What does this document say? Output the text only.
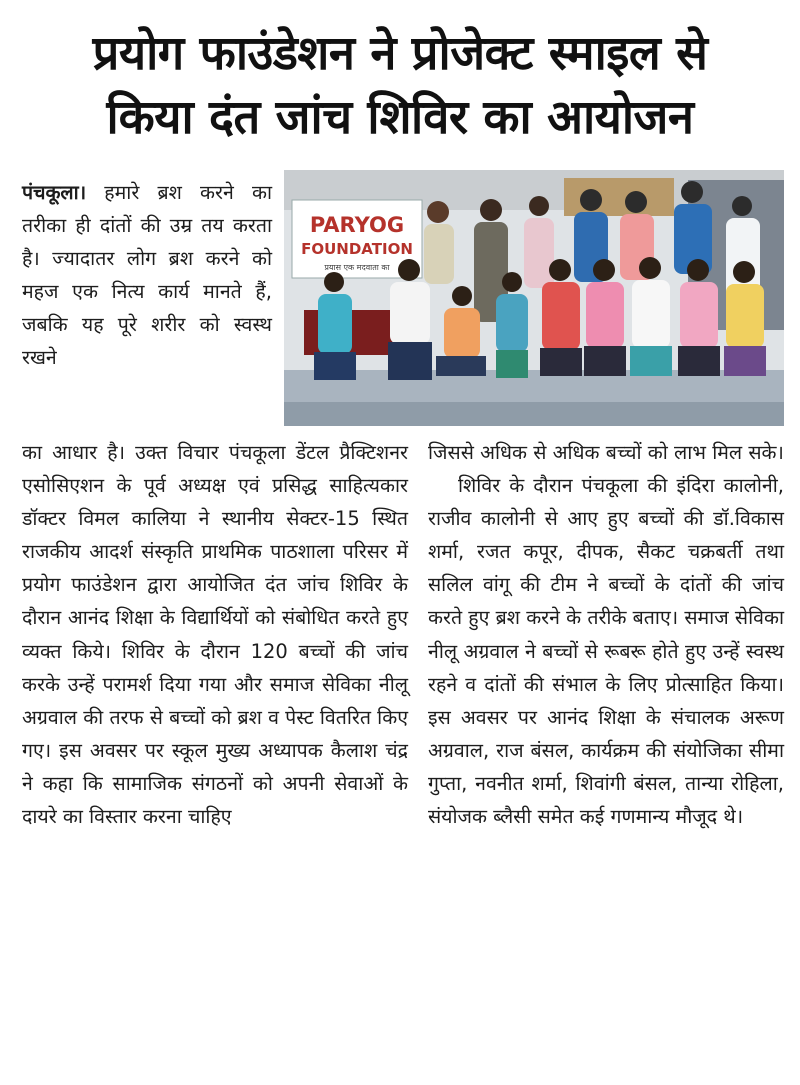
प्रयोग फाउंडेशन ने प्रोजेक्ट स्माइल से
किया दंत जांच शिविर का आयोजन

पंचकूला। हमारे ब्रश करने का तरीका ही दांतों की उम्र तय करता है। ज्यादातर लोग ब्रश करने को महज एक नित्य कार्य मानते हैं, जबकि यह पूरे शरीर को स्वस्थ रखने

PARYOG
FOUNDATION
प्रयास एक मदवाता का

का आधार है। उक्त विचार पंचकूला डेंटल प्रैक्टिशनर एसोसिएशन के पूर्व अध्यक्ष एवं प्रसिद्ध साहित्यकार डॉक्टर विमल कालिया ने स्थानीय सेक्टर-15 स्थित राजकीय आदर्श संस्कृति प्राथमिक पाठशाला परिसर में प्रयोग फाउंडेशन द्वारा आयोजित दंत जांच शिविर के दौरान आनंद शिक्षा के विद्यार्थियों को संबोधित करते हुए व्यक्त किये। शिविर के दौरान 120 बच्चों की जांच करके उन्हें परामर्श दिया गया और समाज सेविका नीलू अग्रवाल की तरफ से बच्चों को ब्रश व पेस्ट वितरित किए गए। इस अवसर पर स्कूल मुख्य अध्यापक कैलाश चंद्र ने कहा कि सामाजिक संगठनों को अपनी सेवाओं के दायरे का विस्तार करना चाहिए

जिससे अधिक से अधिक बच्चों को लाभ मिल सके।

शिविर के दौरान पंचकूला की इंदिरा कालोनी, राजीव कालोनी से आए हुए बच्चों की डॉ.विकास शर्मा, रजत कपूर, दीपक, सैकट चक्रबर्ती तथा सलिल वांगू की टीम ने बच्चों के दांतों की जांच करते हुए ब्रश करने के तरीके बताए। समाज सेविका नीलू अग्रवाल ने बच्चों से रूबरू होते हुए उन्हें स्वस्थ रहने व दांतों की संभाल के लिए प्रोत्साहित किया। इस अवसर पर आनंद शिक्षा के संचालक अरूण अग्रवाल, राज बंसल, कार्यक्रम की संयोजिका सीमा गुप्ता, नवनीत शर्मा, शिवांगी बंसल, तान्या रोहिला, संयोजक ब्लैसी समेत कई गणमान्य मौजूद थे।
